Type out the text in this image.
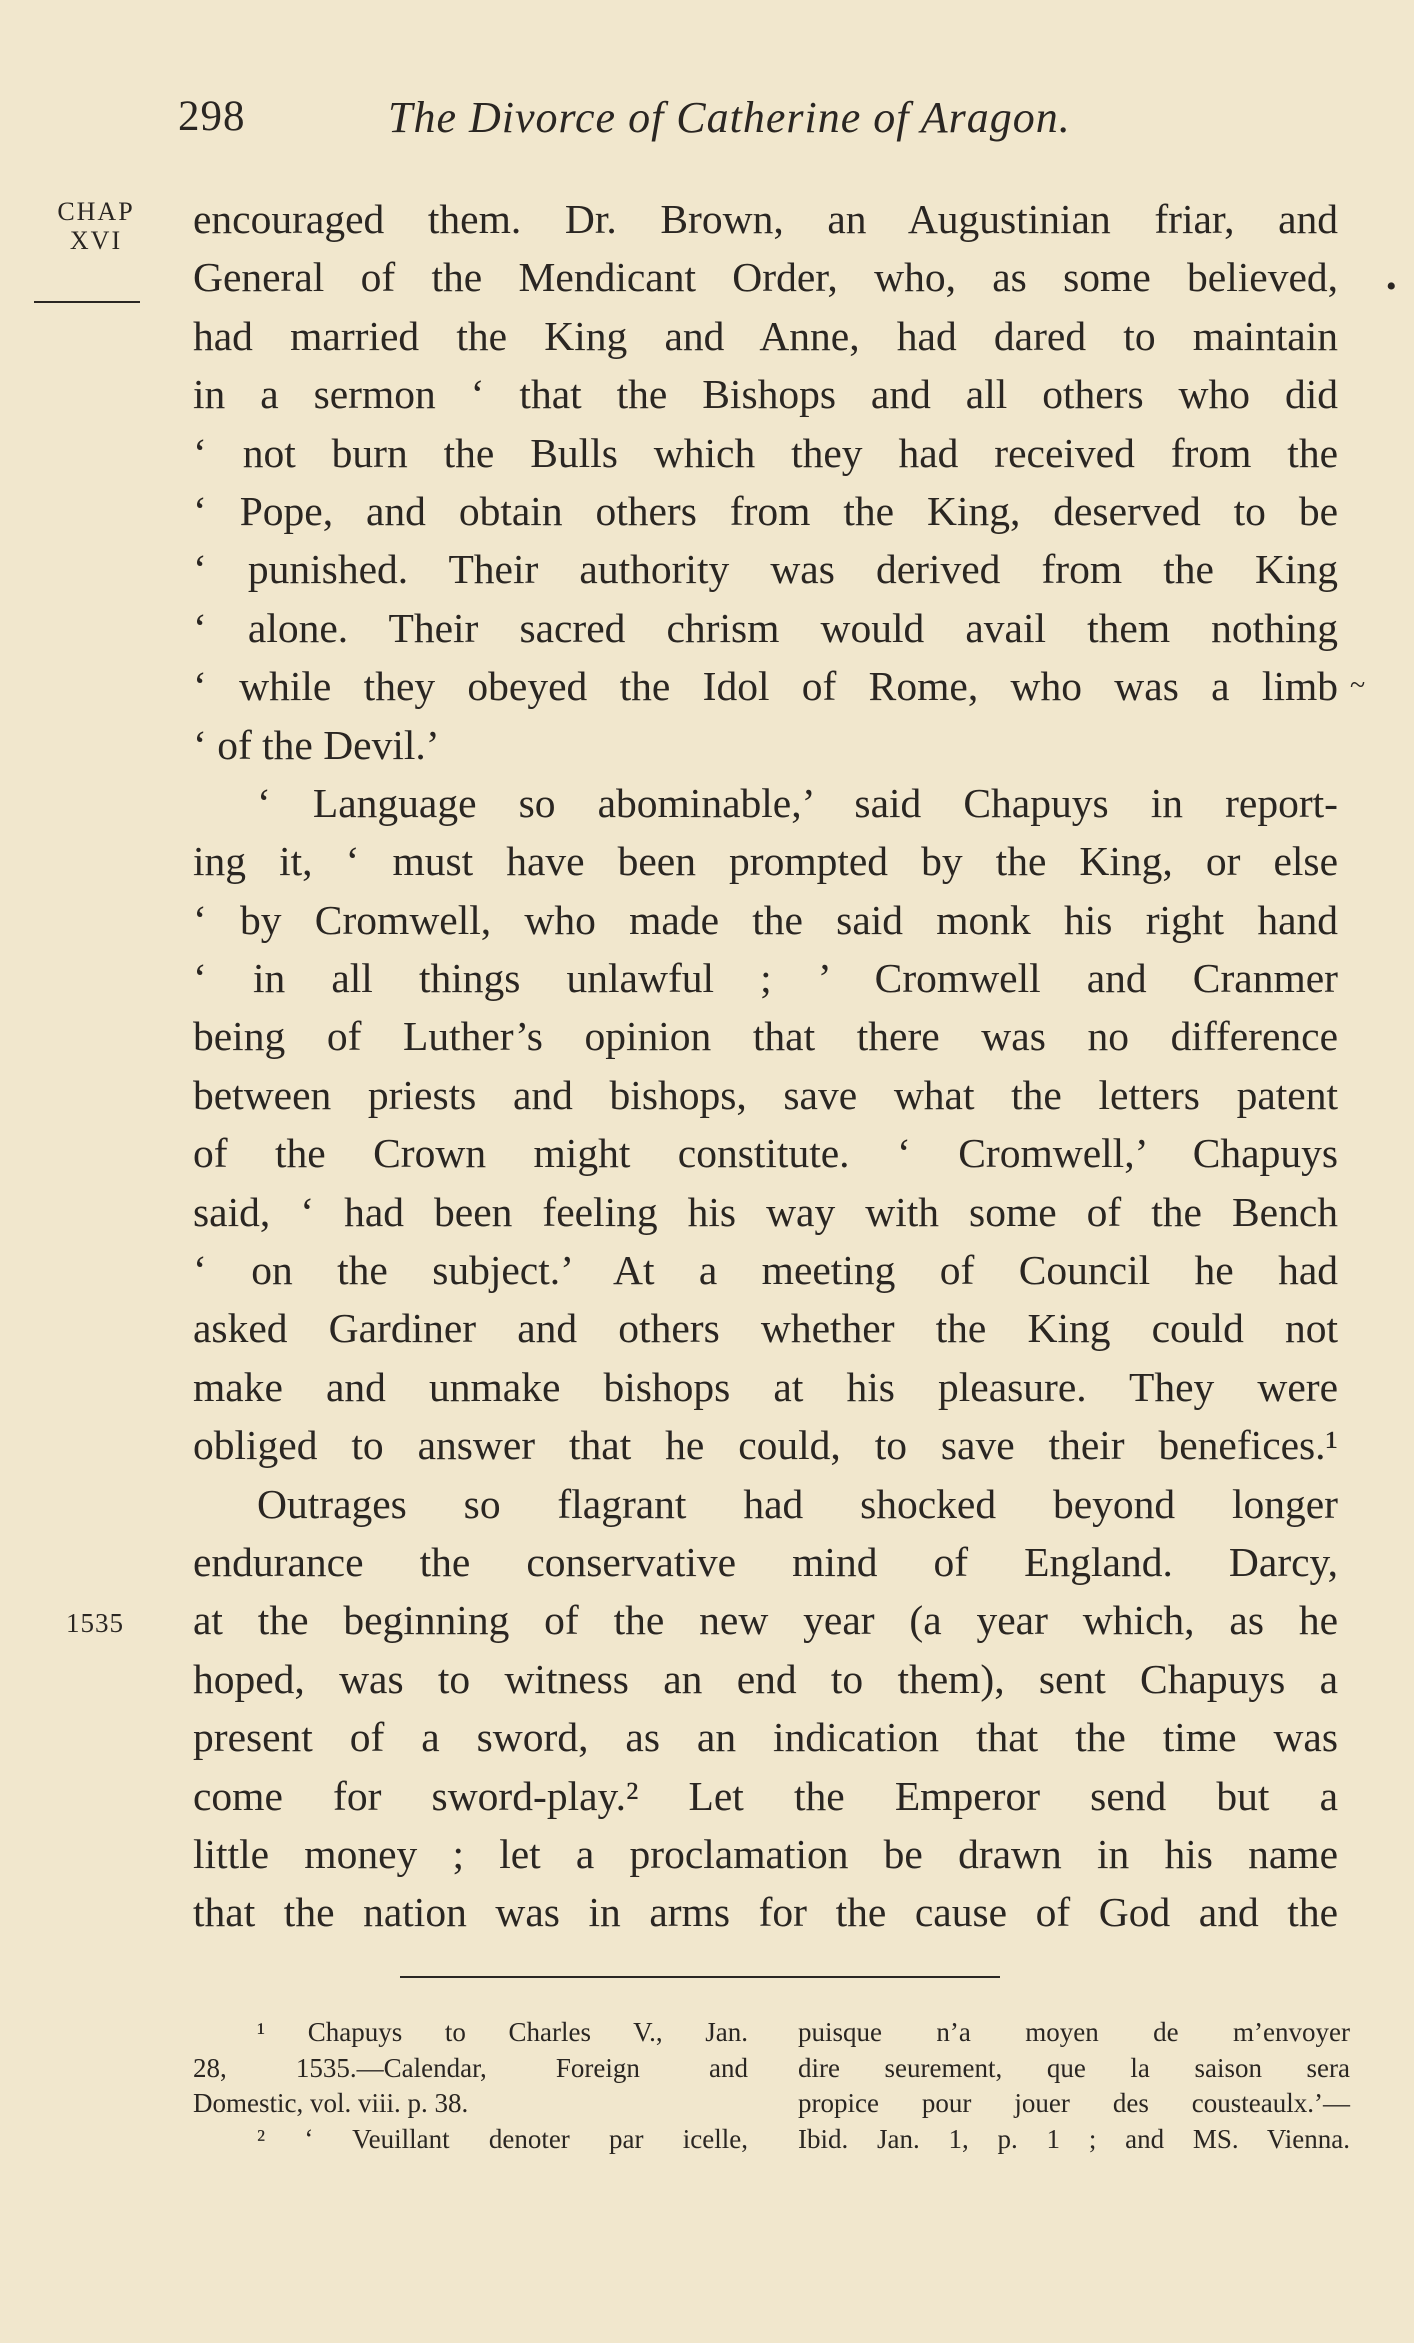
298	The Divorce of Catherine of Aragon.
CHAP
XVI
1535
•
~
encouraged them. Dr. Brown, an Augustinian friar, and
General of the Mendicant Order, who, as some believed,
had married the King and Anne, had dared to maintain
in a sermon ‘ that the Bishops and all others who did
‘ not burn the Bulls which they had received from the
‘ Pope, and obtain others from the King, deserved to be
‘ punished. Their authority was derived from the King
‘ alone. Their sacred chrism would avail them nothing
‘ while they obeyed the Idol of Rome, who was a limb
‘ of the Devil.’
‘ Language so abominable,’ said Chapuys in report-
ing it, ‘ must have been prompted by the King, or else
‘ by Cromwell, who made the said monk his right hand
‘ in all things unlawful ; ’ Cromwell and Cranmer
being of Luther’s opinion that there was no difference
between priests and bishops, save what the letters patent
of the Crown might constitute. ‘ Cromwell,’ Chapuys
said, ‘ had been feeling his way with some of the Bench
‘ on the subject.’ At a meeting of Council he had
asked Gardiner and others whether the King could not
make and unmake bishops at his pleasure. They were
obliged to answer that he could, to save their benefices.¹
Outrages so flagrant had shocked beyond longer
endurance the conservative mind of England. Darcy,
at the beginning of the new year (a year which, as he
hoped, was to witness an end to them), sent Chapuys a
present of a sword, as an indication that the time was
come for sword-play.² Let the Emperor send but a
little money ; let a proclamation be drawn in his name
that the nation was in arms for the cause of God and the
¹ Chapuys to Charles V., Jan.
28, 1535.—Calendar, Foreign and
Domestic, vol. viii. p. 38.
² ‘ Veuillant denoter par icelle,
puisque n’a moyen de m’envoyer
dire seurement, que la saison sera
propice pour jouer des cousteaulx.’—
Ibid. Jan. 1, p. 1 ; and MS. Vienna.
